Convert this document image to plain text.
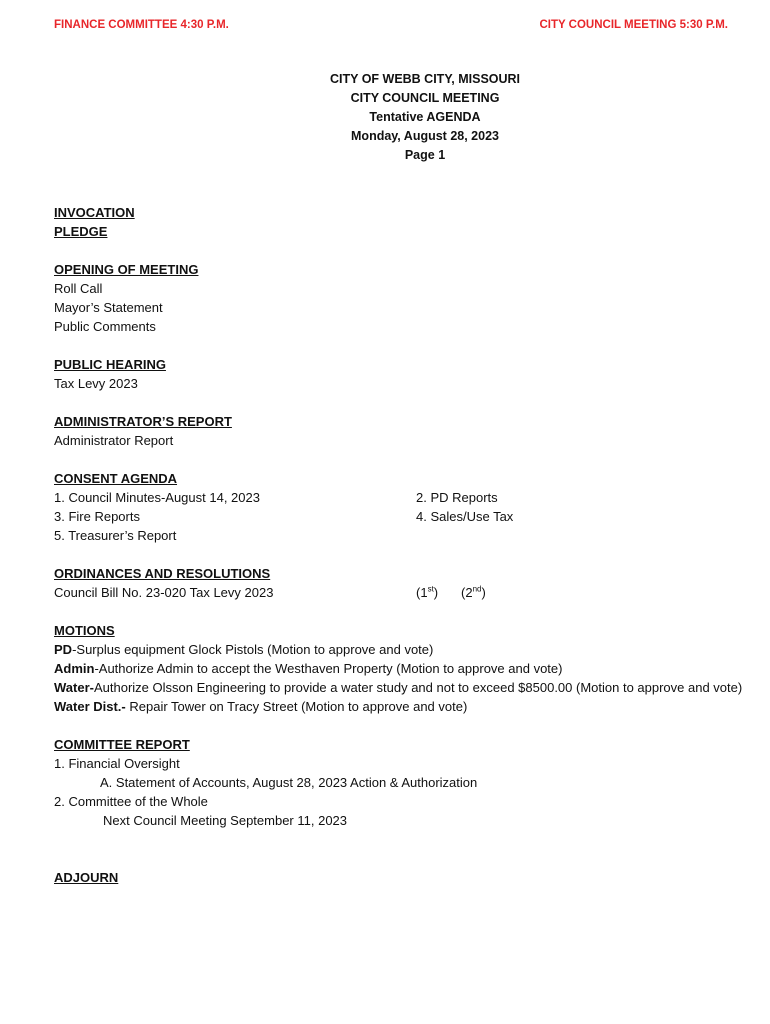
FINANCE COMMITTEE 4:30 P.M.	CITY COUNCIL MEETING 5:30 P.M.
CITY OF WEBB CITY, MISSOURI
CITY COUNCIL MEETING
Tentative AGENDA
Monday, August 28, 2023
Page 1
INVOCATION
PLEDGE
OPENING OF MEETING
Roll Call
Mayor’s Statement
Public Comments
PUBLIC HEARING
Tax Levy 2023
ADMINISTRATOR’S REPORT
Administrator Report
CONSENT AGENDA
1. Council Minutes-August 14, 2023	2. PD Reports
3. Fire Reports	4. Sales/Use Tax
5. Treasurer’s Report
ORDINANCES AND RESOLUTIONS
Council Bill No. 23-020 Tax Levy 2023	(1st) (2nd)
MOTIONS
PD-Surplus equipment Glock Pistols (Motion to approve and vote)
Admin-Authorize Admin to accept the Westhaven Property (Motion to approve and vote)
Water-Authorize Olsson Engineering to provide a water study and not to exceed $8500.00 (Motion to approve and vote)
Water Dist.- Repair Tower on Tracy Street (Motion to approve and vote)
COMMITTEE REPORT
1. Financial Oversight
A. Statement of Accounts, August 28, 2023 Action & Authorization
2. Committee of the Whole
Next Council Meeting September 11, 2023
ADJOURN
